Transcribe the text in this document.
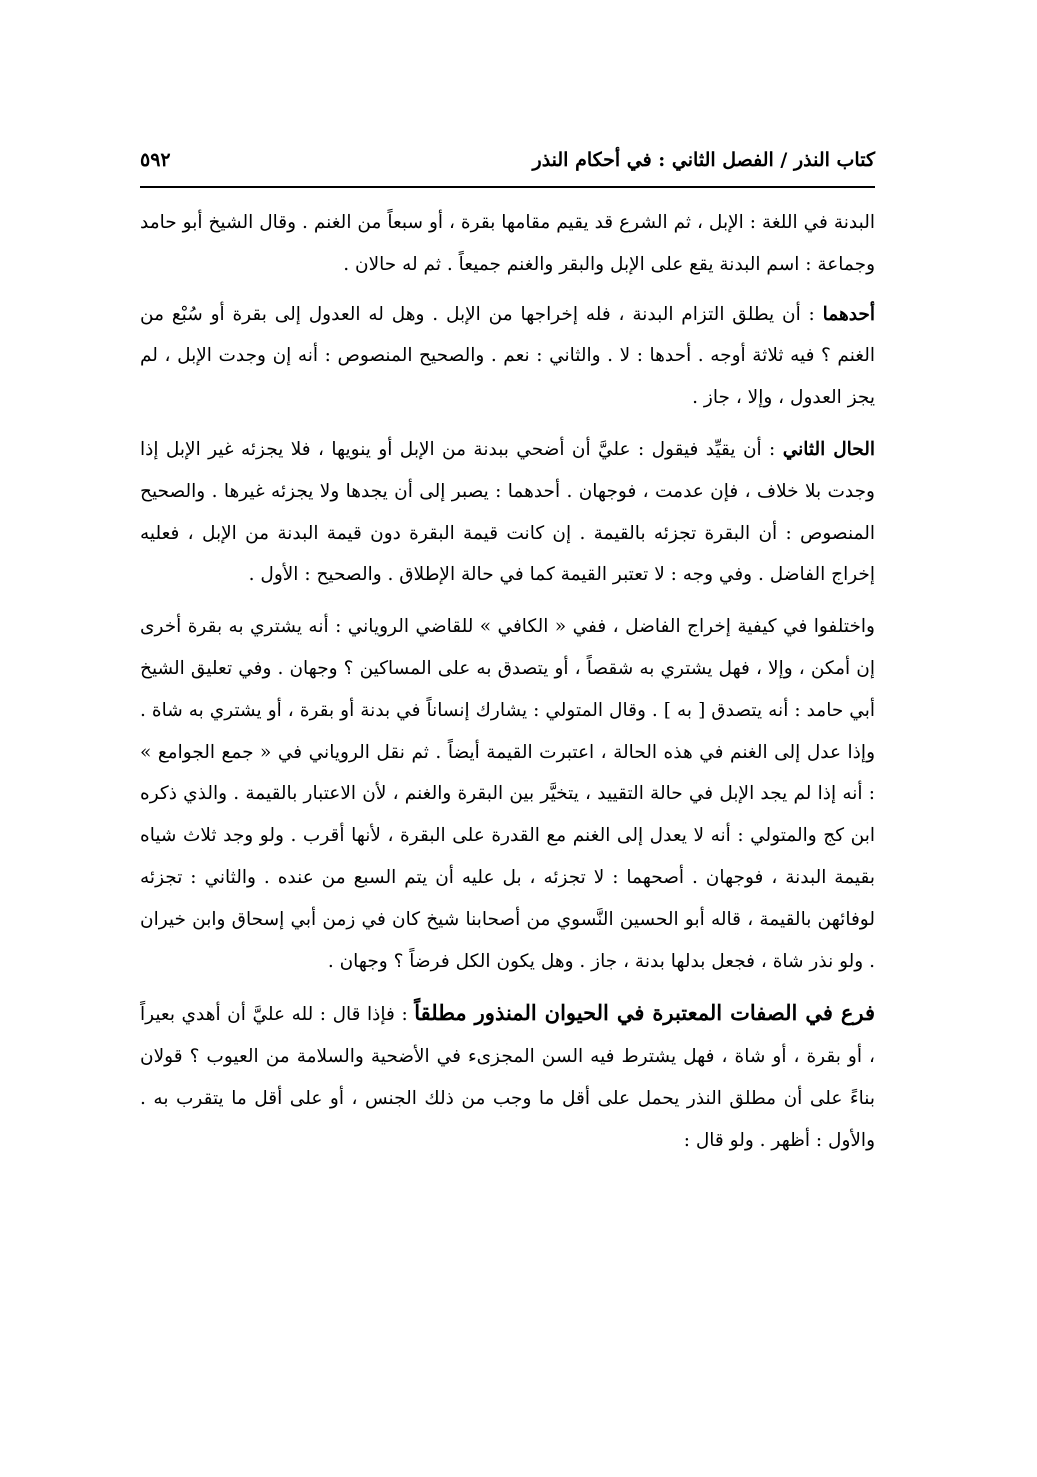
كتاب النذر / الفصل الثاني : في أحكام النذر
٥٩٢

البدنة في اللغة : الإبل ، ثم الشرع قد يقيم مقامها بقرة ، أو سبعاً من الغنم . وقال الشيخ أبو حامد وجماعة : اسم البدنة يقع على الإبل والبقر والغنم جميعاً . ثم له حالان .

أحدهما : أن يطلق التزام البدنة ، فله إخراجها من الإبل . وهل له العدول إلى بقرة أو سُبْع من الغنم ؟ فيه ثلاثة أوجه . أحدها : لا . والثاني : نعم . والصحيح المنصوص : أنه إن وجدت الإبل ، لم يجز العدول ، وإلا ، جاز .

الحال الثاني : أن يقيِّد فيقول : عليَّ أن أضحي ببدنة من الإبل أو ينويها ، فلا يجزئه غير الإبل إذا وجدت بلا خلاف ، فإن عدمت ، فوجهان . أحدهما : يصبر إلى أن يجدها ولا يجزئه غيرها . والصحيح المنصوص : أن البقرة تجزئه بالقيمة . إن كانت قيمة البقرة دون قيمة البدنة من الإبل ، فعليه إخراج الفاضل . وفي وجه : لا تعتبر القيمة كما في حالة الإطلاق . والصحيح : الأول .

واختلفوا في كيفية إخراج الفاضل ، ففي « الكافي » للقاضي الروياني : أنه يشتري به بقرة أخرى إن أمكن ، وإلا ، فهل يشتري به شقصاً ، أو يتصدق به على المساكين ؟ وجهان . وفي تعليق الشيخ أبي حامد : أنه يتصدق [ به ] . وقال المتولي : يشارك إنساناً في بدنة أو بقرة ، أو يشتري به شاة . وإذا عدل إلى الغنم في هذه الحالة ، اعتبرت القيمة أيضاً . ثم نقل الروياني في « جمع الجوامع » : أنه إذا لم يجد الإبل في حالة التقييد ، يتخيَّر بين البقرة والغنم ، لأن الاعتبار بالقيمة . والذي ذكره ابن كج والمتولي : أنه لا يعدل إلى الغنم مع القدرة على البقرة ، لأنها أقرب . ولو وجد ثلاث شياه بقيمة البدنة ، فوجهان . أصحهما : لا تجزئه ، بل عليه أن يتم السبع من عنده . والثاني : تجزئه لوفائهن بالقيمة ، قاله أبو الحسين النَّسوي من أصحابنا شيخ كان في زمن أبي إسحاق وابن خيران . ولو نذر شاة ، فجعل بدلها بدنة ، جاز . وهل يكون الكل فرضاً ؟ وجهان .

فرع في الصفات المعتبرة في الحيوان المنذور مطلقاً : فإذا قال : لله عليَّ أن أهدي بعيراً ، أو بقرة ، أو شاة ، فهل يشترط فيه السن المجزىء في الأضحية والسلامة من العيوب ؟ قولان بناءً على أن مطلق النذر يحمل على أقل ما وجب من ذلك الجنس ، أو على أقل ما يتقرب به . والأول : أظهر . ولو قال :
